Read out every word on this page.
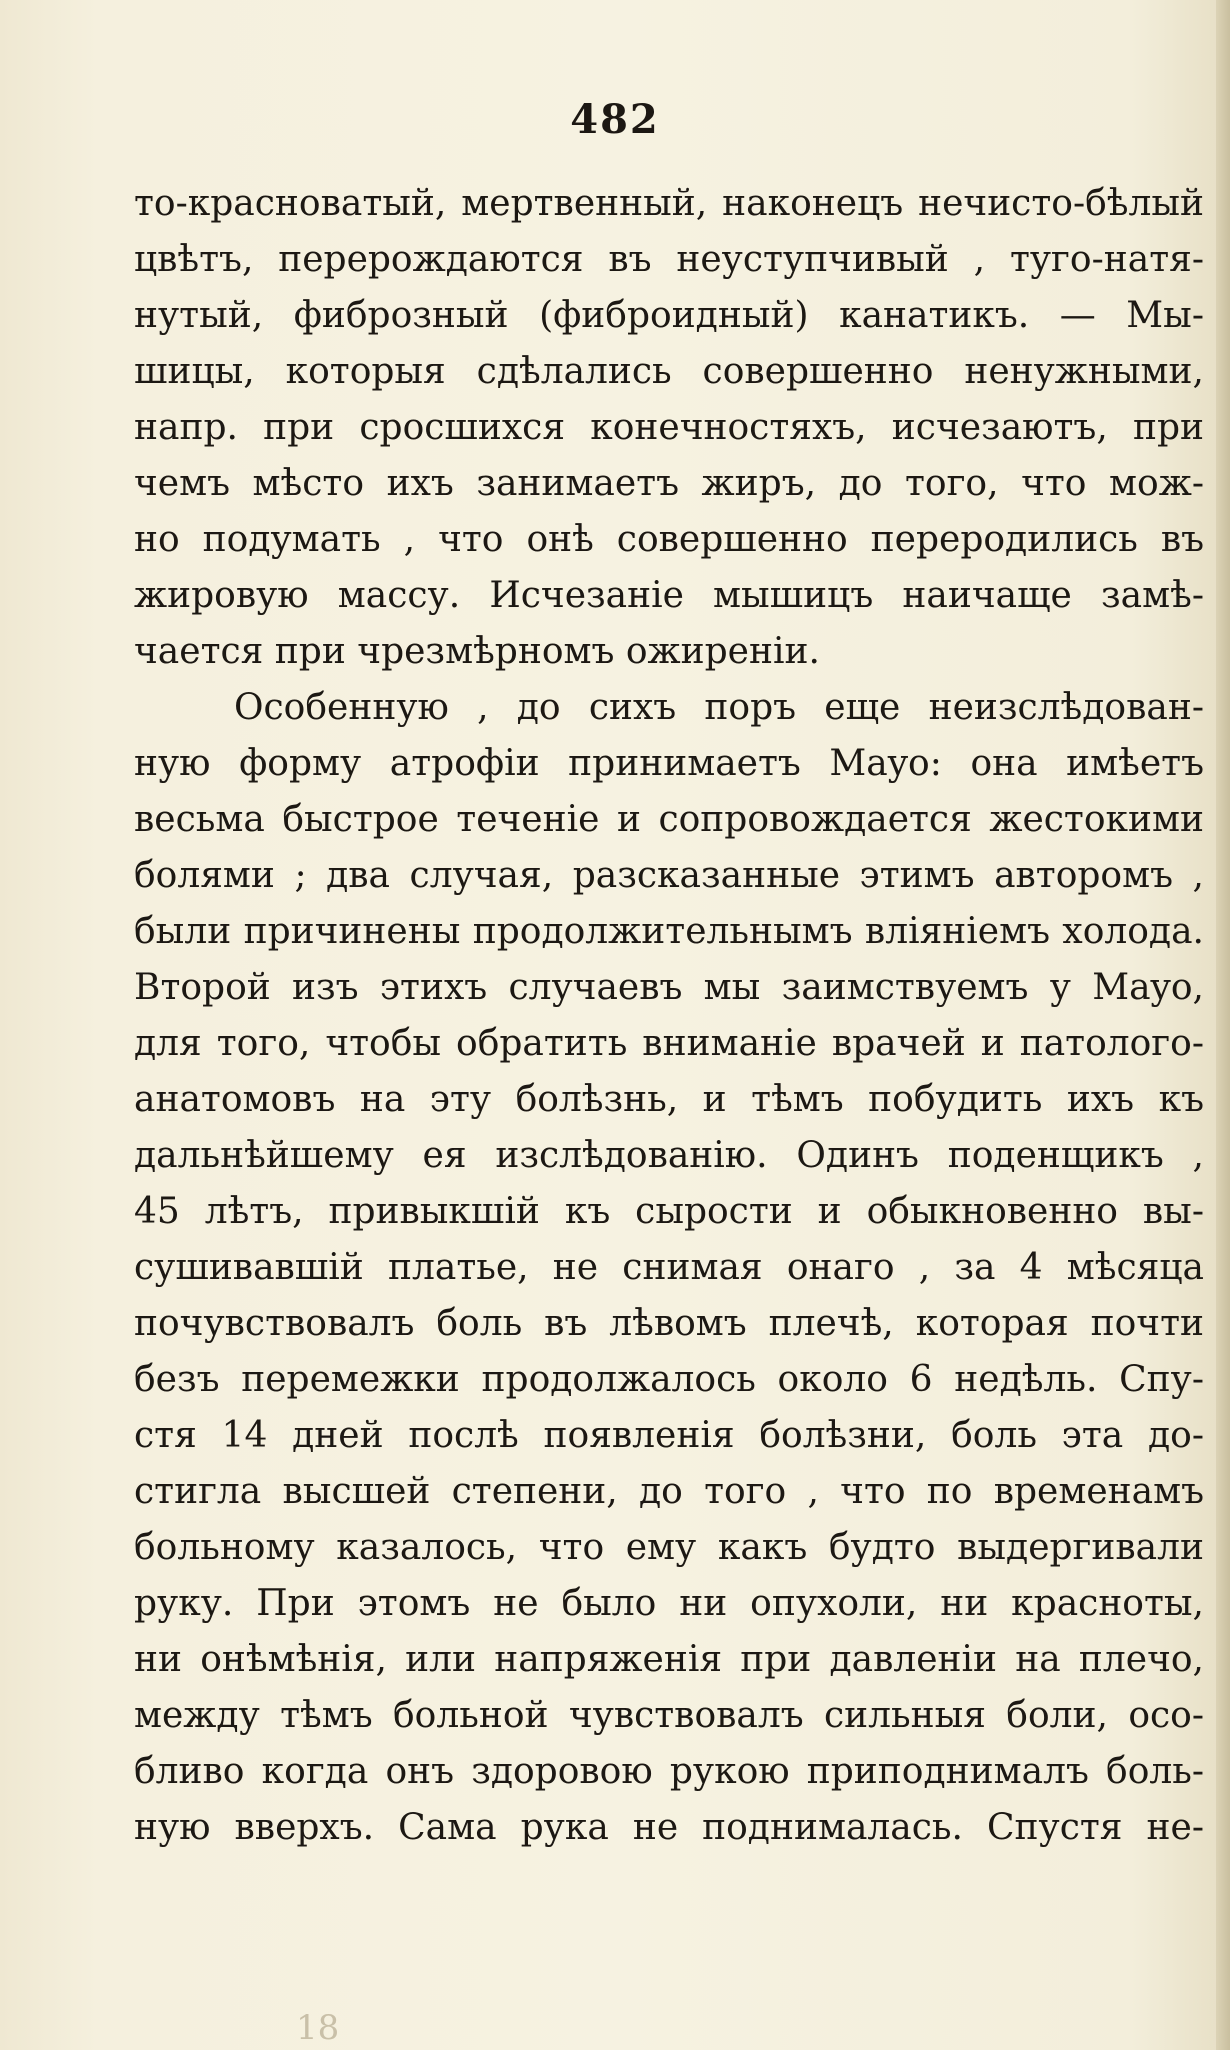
482
то-красноватый, мертвенный, наконецъ нечисто-бѣлый
цвѣтъ, перерождаются въ неуступчивый , туго-натя-
нутый, фиброзный (фиброидный) канатикъ. — Мы-
шицы, которыя сдѣлались совершенно ненужными,
напр. при сросшихся конечностяхъ, исчезаютъ, при
чемъ мѣсто ихъ занимаетъ жиръ, до того, что мож-
но подумать , что онѣ совершенно переродились въ
жировую массу. Исчезаніе мышицъ наичаще замѣ-
чается при чрезмѣрномъ ожиреніи.
Особенную , до сихъ поръ еще неизслѣдован-
ную форму атрофіи принимаетъ Mayo: она имѣетъ
весьма быстрое теченіе и сопровождается жестокими
болями ; два случая, разсказанные этимъ авторомъ ,
были причинены продолжительнымъ вліяніемъ холода.
Второй изъ этихъ случаевъ мы заимствуемъ у Mayo,
для того, чтобы обратить вниманіе врачей и патолого-
анатомовъ на эту болѣзнь, и тѣмъ побудить ихъ къ
дальнѣйшему ея изслѣдованію. Одинъ поденщикъ ,
45 лѣтъ, привыкшій къ сырости и обыкновенно вы-
сушивавшій платье, не снимая онаго , за 4 мѣсяца
почувствовалъ боль въ лѣвомъ плечѣ, которая почти
безъ перемежки продолжалось около 6 недѣль. Спу-
стя 14 дней послѣ появленія болѣзни, боль эта до-
стигла высшей степени, до того , что по временамъ
больному казалось, что ему какъ будто выдергивали
руку. При этомъ не было ни опухоли, ни красноты,
ни онѣмѣнія, или напряженія при давленіи на плечо,
между тѣмъ больной чувствовалъ сильныя боли, осо-
бливо когда онъ здоровою рукою приподнималъ боль-
ную вверхъ. Сама рука не поднималась. Спустя не-
18
